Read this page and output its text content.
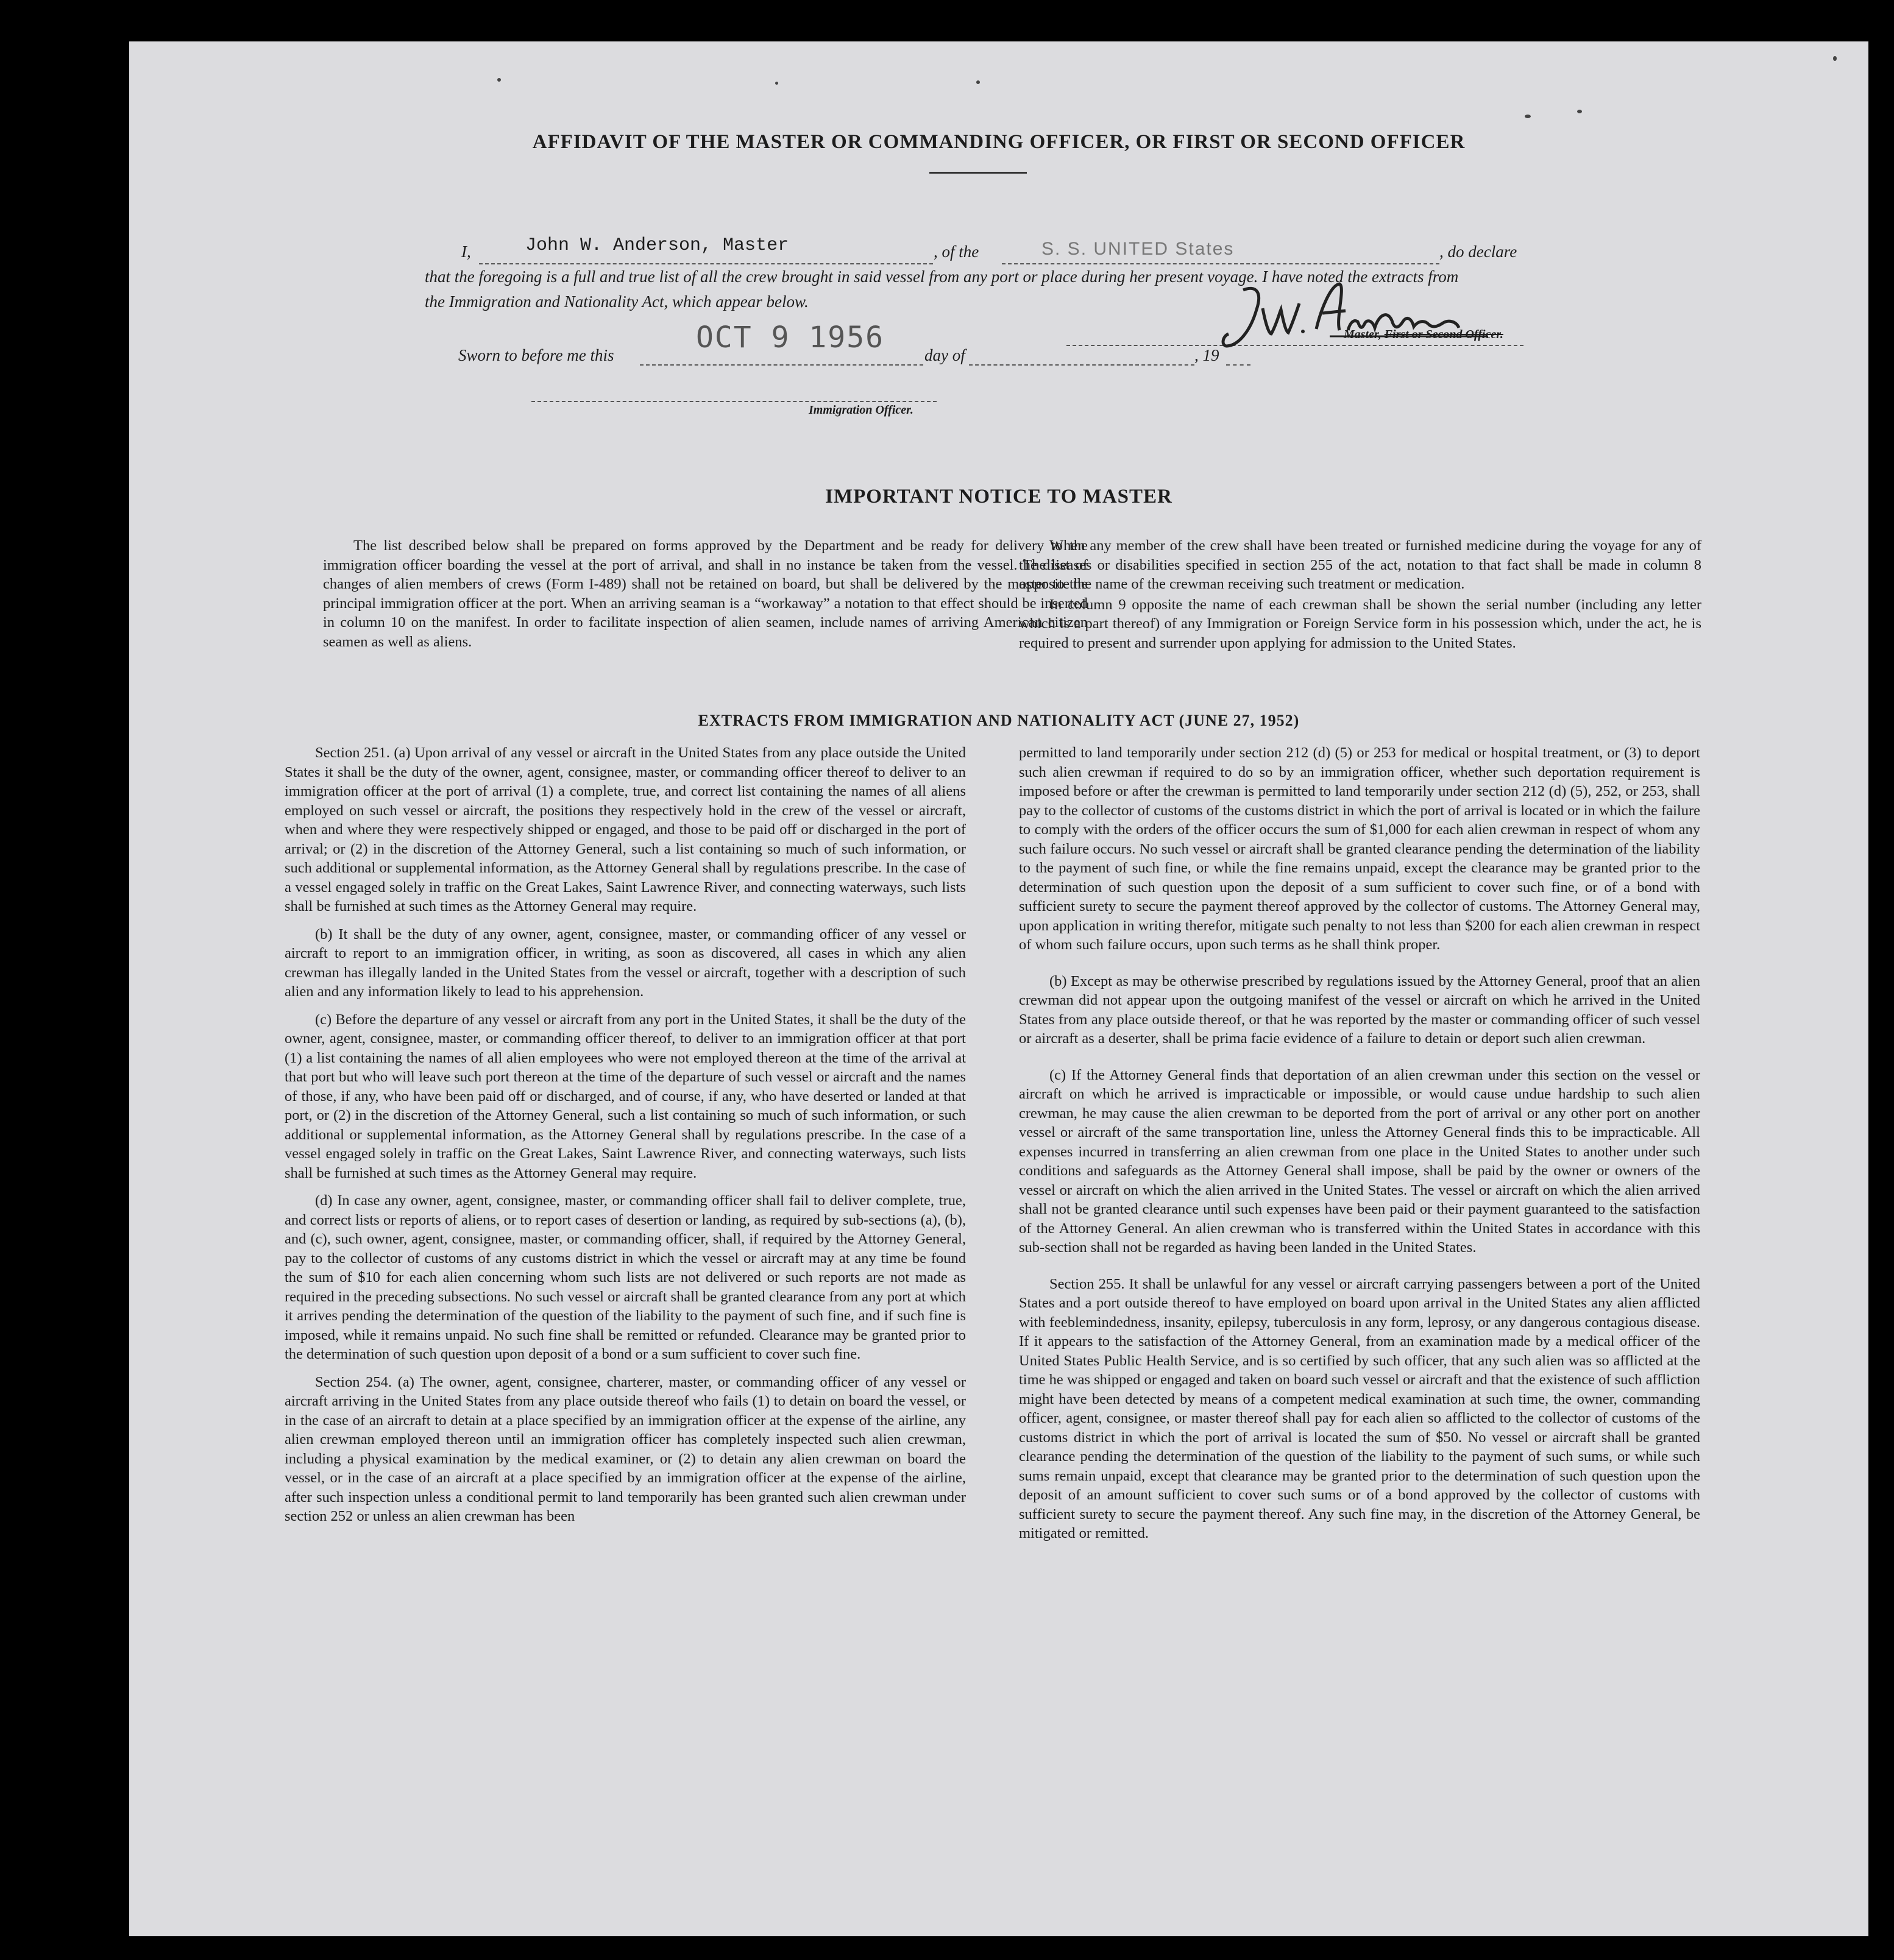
AFFIDAVIT OF THE MASTER OR COMMANDING OFFICER, OR FIRST OR SECOND OFFICER
I,	John W. Anderson, Master	, of the	S. S. UNITED States	, do declare
that the foregoing is a full and true list of all the crew brought in said vessel from any port or place during her present voyage. I have noted the extracts from
the Immigration and Nationality Act, which appear below.
Master, First or Second Officer.
Sworn to before me this
OCT 9 1956
day of	, 19
Immigration Officer.
IMPORTANT NOTICE TO MASTER

The list described below shall be prepared on forms approved by the Department and be ready for delivery to the immigration officer boarding the vessel at the port of arrival, and shall in no instance be taken from the vessel. The list of changes of alien members of crews (Form I-489) shall not be retained on board, but shall be delivered by the master to the principal immigration officer at the port. When an arriving seaman is a “workaway” a notation to that effect should be inserted in column 10 on the manifest. In order to facilitate inspection of alien seamen, include names of arriving American citizen seamen as well as aliens.

When any member of the crew shall have been treated or furnished medicine during the voyage for any of the diseases or disabilities specified in section 255 of the act, notation to that fact shall be made in column 8 opposite the name of the crewman receiving such treatment or medication.

In column 9 opposite the name of each crewman shall be shown the serial number (including any letter which is a part thereof) of any Immigration or Foreign Service form in his possession which, under the act, he is required to present and surrender upon applying for admission to the United States.

EXTRACTS FROM IMMIGRATION AND NATIONALITY ACT (JUNE 27, 1952)

Section 251. (a) Upon arrival of any vessel or aircraft in the United States from any place outside the United States it shall be the duty of the owner, agent, consignee, master, or commanding officer thereof to deliver to an immigration officer at the port of arrival (1) a complete, true, and correct list containing the names of all aliens employed on such vessel or aircraft, the positions they respectively hold in the crew of the vessel or aircraft, when and where they were respectively shipped or engaged, and those to be paid off or discharged in the port of arrival; or (2) in the discretion of the Attorney General, such a list containing so much of such information, or such additional or supplemental information, as the Attorney General shall by regulations prescribe. In the case of a vessel engaged solely in traffic on the Great Lakes, Saint Lawrence River, and connecting waterways, such lists shall be furnished at such times as the Attorney General may require.

(b) It shall be the duty of any owner, agent, consignee, master, or commanding officer of any vessel or aircraft to report to an immigration officer, in writing, as soon as discovered, all cases in which any alien crewman has illegally landed in the United States from the vessel or aircraft, together with a description of such alien and any information likely to lead to his apprehension.

(c) Before the departure of any vessel or aircraft from any port in the United States, it shall be the duty of the owner, agent, consignee, master, or commanding officer thereof, to deliver to an immigration officer at that port (1) a list containing the names of all alien employees who were not employed thereon at the time of the arrival at that port but who will leave such port thereon at the time of the departure of such vessel or aircraft and the names of those, if any, who have been paid off or discharged, and of course, if any, who have deserted or landed at that port, or (2) in the discretion of the Attorney General, such a list containing so much of such information, or such additional or supplemental information, as the Attorney General shall by regulations prescribe. In the case of a vessel engaged solely in traffic on the Great Lakes, Saint Lawrence River, and connecting waterways, such lists shall be furnished at such times as the Attorney General may require.

(d) In case any owner, agent, consignee, master, or commanding officer shall fail to deliver complete, true, and correct lists or reports of aliens, or to report cases of desertion or landing, as required by sub-sections (a), (b), and (c), such owner, agent, consignee, master, or commanding officer, shall, if required by the Attorney General, pay to the collector of customs of any customs district in which the vessel or aircraft may at any time be found the sum of $10 for each alien concerning whom such lists are not delivered or such reports are not made as required in the preceding subsections. No such vessel or aircraft shall be granted clearance from any port at which it arrives pending the determination of the question of the liability to the payment of such fine, and if such fine is imposed, while it remains unpaid. No such fine shall be remitted or refunded. Clearance may be granted prior to the determination of such question upon deposit of a bond or a sum sufficient to cover such fine.

Section 254. (a) The owner, agent, consignee, charterer, master, or commanding officer of any vessel or aircraft arriving in the United States from any place outside thereof who fails (1) to detain on board the vessel, or in the case of an aircraft to detain at a place specified by an immigration officer at the expense of the airline, any alien crewman employed thereon until an immigration officer has completely inspected such alien crewman, including a physical examination by the medical examiner, or (2) to detain any alien crewman on board the vessel, or in the case of an aircraft at a place specified by an immigration officer at the expense of the airline, after such inspection unless a conditional permit to land temporarily has been granted such alien crewman under section 252 or unless an alien crewman has been

permitted to land temporarily under section 212 (d) (5) or 253 for medical or hospital treatment, or (3) to deport such alien crewman if required to do so by an immigration officer, whether such deportation requirement is imposed before or after the crewman is permitted to land temporarily under section 212 (d) (5), 252, or 253, shall pay to the collector of customs of the customs district in which the port of arrival is located or in which the failure to comply with the orders of the officer occurs the sum of $1,000 for each alien crewman in respect of whom any such failure occurs. No such vessel or aircraft shall be granted clearance pending the determination of the liability to the payment of such fine, or while the fine remains unpaid, except the clearance may be granted prior to the determination of such question upon the deposit of a sum sufficient to cover such fine, or of a bond with sufficient surety to secure the payment thereof approved by the collector of customs. The Attorney General may, upon application in writing therefor, mitigate such penalty to not less than $200 for each alien crewman in respect of whom such failure occurs, upon such terms as he shall think proper.

(b) Except as may be otherwise prescribed by regulations issued by the Attorney General, proof that an alien crewman did not appear upon the outgoing manifest of the vessel or aircraft on which he arrived in the United States from any place outside thereof, or that he was reported by the master or commanding officer of such vessel or aircraft as a deserter, shall be prima facie evidence of a failure to detain or deport such alien crewman.

(c) If the Attorney General finds that deportation of an alien crewman under this section on the vessel or aircraft on which he arrived is impracticable or impossible, or would cause undue hardship to such alien crewman, he may cause the alien crewman to be deported from the port of arrival or any other port on another vessel or aircraft of the same transportation line, unless the Attorney General finds this to be impracticable. All expenses incurred in transferring an alien crewman from one place in the United States to another under such conditions and safeguards as the Attorney General shall impose, shall be paid by the owner or owners of the vessel or aircraft on which the alien arrived in the United States. The vessel or aircraft on which the alien arrived shall not be granted clearance until such expenses have been paid or their payment guaranteed to the satisfaction of the Attorney General. An alien crewman who is transferred within the United States in accordance with this sub-section shall not be regarded as having been landed in the United States.

Section 255. It shall be unlawful for any vessel or aircraft carrying passengers between a port of the United States and a port outside thereof to have employed on board upon arrival in the United States any alien afflicted with feeblemindedness, insanity, epilepsy, tuberculosis in any form, leprosy, or any dangerous contagious disease. If it appears to the satisfaction of the Attorney General, from an examination made by a medical officer of the United States Public Health Service, and is so certified by such officer, that any such alien was so afflicted at the time he was shipped or engaged and taken on board such vessel or aircraft and that the existence of such affliction might have been detected by means of a competent medical examination at such time, the owner, commanding officer, agent, consignee, or master thereof shall pay for each alien so afflicted to the collector of customs of the customs district in which the port of arrival is located the sum of $50. No vessel or aircraft shall be granted clearance pending the determination of the question of the liability to the payment of such sums, or while such sums remain unpaid, except that clearance may be granted prior to the determination of such question upon the deposit of an amount sufficient to cover such sums or of a bond approved by the collector of customs with sufficient surety to secure the payment thereof. Any such fine may, in the discretion of the Attorney General, be mitigated or remitted.
